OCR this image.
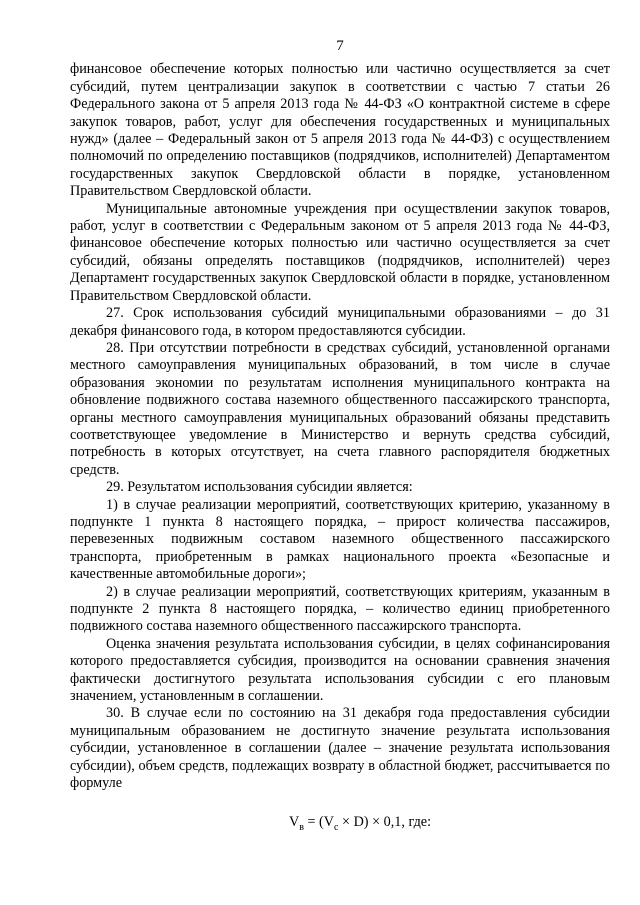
7

финансовое обеспечение которых полностью или частично осуществляется за счет субсидий, путем централизации закупок в соответствии с частью 7 статьи 26 Федерального закона от 5 апреля 2013 года № 44-ФЗ «О контрактной системе в сфере закупок товаров, работ, услуг для обеспечения государственных и муниципальных нужд» (далее – Федеральный закон от 5 апреля 2013 года № 44-ФЗ) с осуществлением полномочий по определению поставщиков (подрядчиков, исполнителей) Департаментом государственных закупок Свердловской области в порядке, установленном Правительством Свердловской области.

Муниципальные автономные учреждения при осуществлении закупок товаров, работ, услуг в соответствии с Федеральным законом от 5 апреля 2013 года № 44-ФЗ, финансовое обеспечение которых полностью или частично осуществляется за счет субсидий, обязаны определять поставщиков (подрядчиков, исполнителей) через Департамент государственных закупок Свердловской области в порядке, установленном Правительством Свердловской области.

27. Срок использования субсидий муниципальными образованиями – до 31 декабря финансового года, в котором предоставляются субсидии.

28. При отсутствии потребности в средствах субсидий, установленной органами местного самоуправления муниципальных образований, в том числе в случае образования экономии по результатам исполнения муниципального контракта на обновление подвижного состава наземного общественного пассажирского транспорта, органы местного самоуправления муниципальных образований обязаны представить соответствующее уведомление в Министерство и вернуть средства субсидий, потребность в которых отсутствует, на счета главного распорядителя бюджетных средств.

29. Результатом использования субсидии является:

1) в случае реализации мероприятий, соответствующих критерию, указанному в подпункте 1 пункта 8 настоящего порядка, – прирост количества пассажиров, перевезенных подвижным составом наземного общественного пассажирского транспорта, приобретенным в рамках национального проекта «Безопасные и качественные автомобильные дороги»;

2) в случае реализации мероприятий, соответствующих критериям, указанным в подпункте 2 пункта 8 настоящего порядка, – количество единиц приобретенного подвижного состава наземного общественного пассажирского транспорта.

Оценка значения результата использования субсидии, в целях софинансирования которого предоставляется субсидия, производится на основании сравнения значения фактически достигнутого результата использования субсидии с его плановым значением, установленным в соглашении.

30. В случае если по состоянию на 31 декабря года предоставления субсидии муниципальным образованием не достигнуто значение результата использования субсидии, установленное в соглашении (далее – значение результата использования субсидии), объем средств, подлежащих возврату в областной бюджет, рассчитывается по формуле

$V_в = (V_с \times D) \times 0,1$, где:
